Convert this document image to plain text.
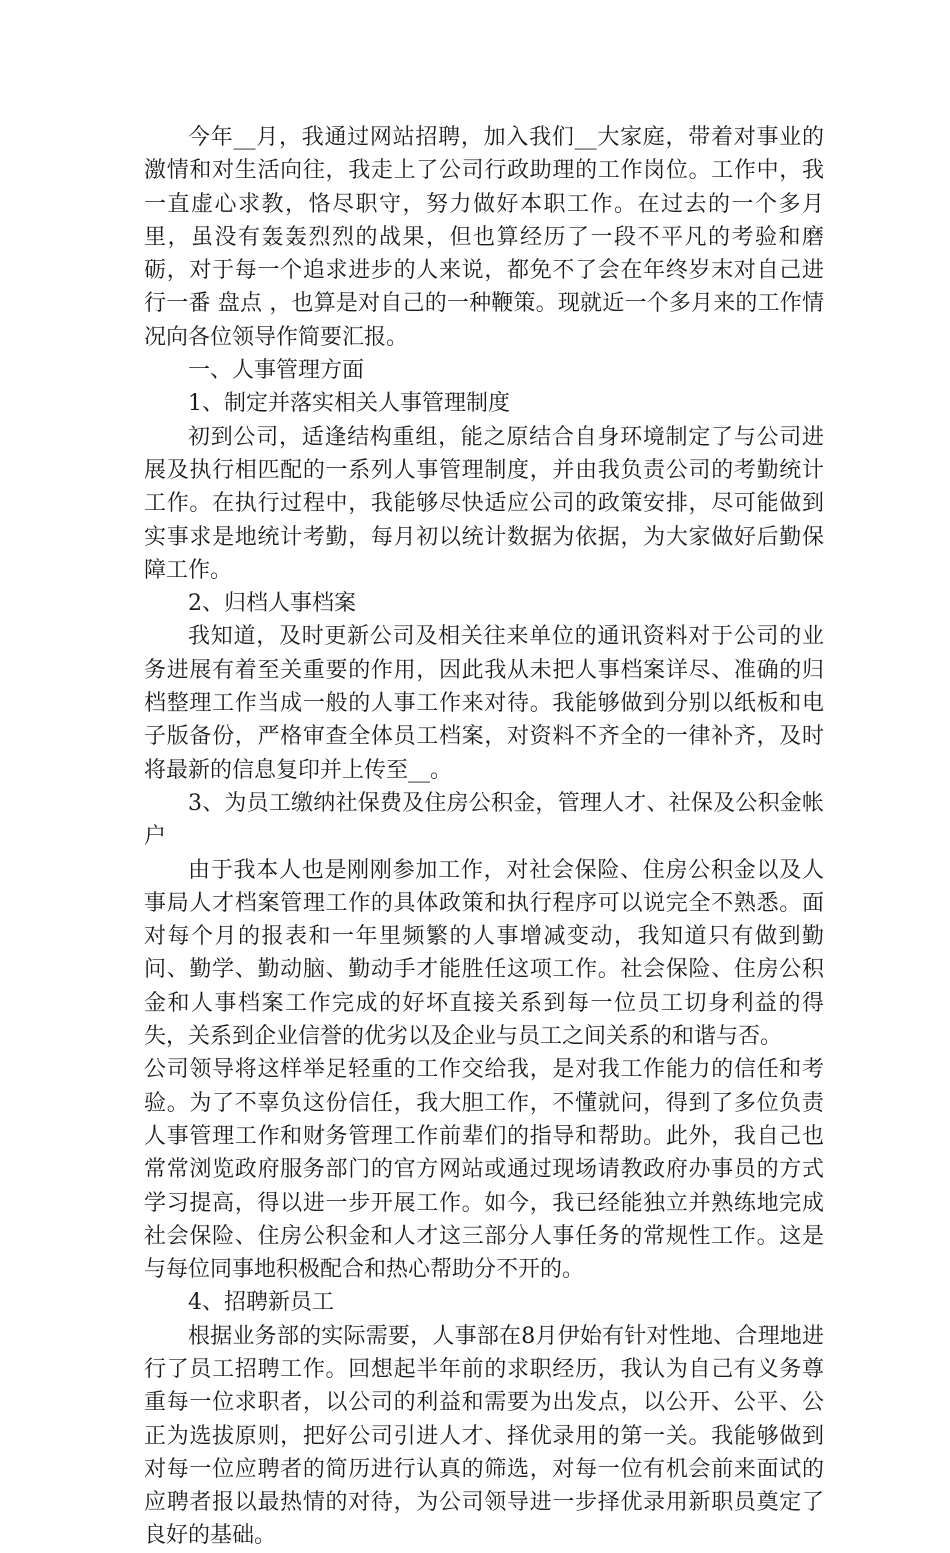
今年__月，我通过网站招聘，加入我们__大家庭，带着对事业的激情和对生活向往，我走上了公司行政助理的工作岗位。工作中，我一直虚心求教，恪尽职守，努力做好本职工作。在过去的一个多月里，虽没有轰轰烈烈的战果，但也算经历了一段不平凡的考验和磨砺，对于每一个追求进步的人来说，都免不了会在年终岁末对自己进行一番 盘点 ，也算是对自己的一种鞭策。现就近一个多月来的工作情况向各位领导作简要汇报。

一、人事管理方面

1、制定并落实相关人事管理制度

初到公司，适逢结构重组，能之原结合自身环境制定了与公司进展及执行相匹配的一系列人事管理制度，并由我负责公司的考勤统计工作。在执行过程中，我能够尽快适应公司的政策安排，尽可能做到实事求是地统计考勤，每月初以统计数据为依据，为大家做好后勤保障工作。

2、归档人事档案

我知道，及时更新公司及相关往来单位的通讯资料对于公司的业务进展有着至关重要的作用，因此我从未把人事档案详尽、准确的归档整理工作当成一般的人事工作来对待。我能够做到分别以纸板和电子版备份，严格审查全体员工档案，对资料不齐全的一律补齐，及时将最新的信息复印并上传至__。

3、为员工缴纳社保费及住房公积金，管理人才、社保及公积金帐户

由于我本人也是刚刚参加工作，对社会保险、住房公积金以及人事局人才档案管理工作的具体政策和执行程序可以说完全不熟悉。面对每个月的报表和一年里频繁的人事增减变动，我知道只有做到勤问、勤学、勤动脑、勤动手才能胜任这项工作。社会保险、住房公积金和人事档案工作完成的好坏直接关系到每一位员工切身利益的得失，关系到企业信誉的优劣以及企业与员工之间关系的和谐与否。

公司领导将这样举足轻重的工作交给我，是对我工作能力的信任和考验。为了不辜负这份信任，我大胆工作，不懂就问，得到了多位负责人事管理工作和财务管理工作前辈们的指导和帮助。此外，我自己也常常浏览政府服务部门的官方网站或通过现场请教政府办事员的方式学习提高，得以进一步开展工作。如今，我已经能独立并熟练地完成社会保险、住房公积金和人才这三部分人事任务的常规性工作。这是与每位同事地积极配合和热心帮助分不开的。

4、招聘新员工

根据业务部的实际需要，人事部在8月伊始有针对性地、合理地进行了员工招聘工作。回想起半年前的求职经历，我认为自己有义务尊重每一位求职者，以公司的利益和需要为出发点，以公开、公平、公正为选拔原则，把好公司引进人才、择优录用的第一关。我能够做到对每一位应聘者的简历进行认真的筛选，对每一位有机会前来面试的应聘者报以最热情的对待，为公司领导进一步择优录用新职员奠定了良好的基础。
